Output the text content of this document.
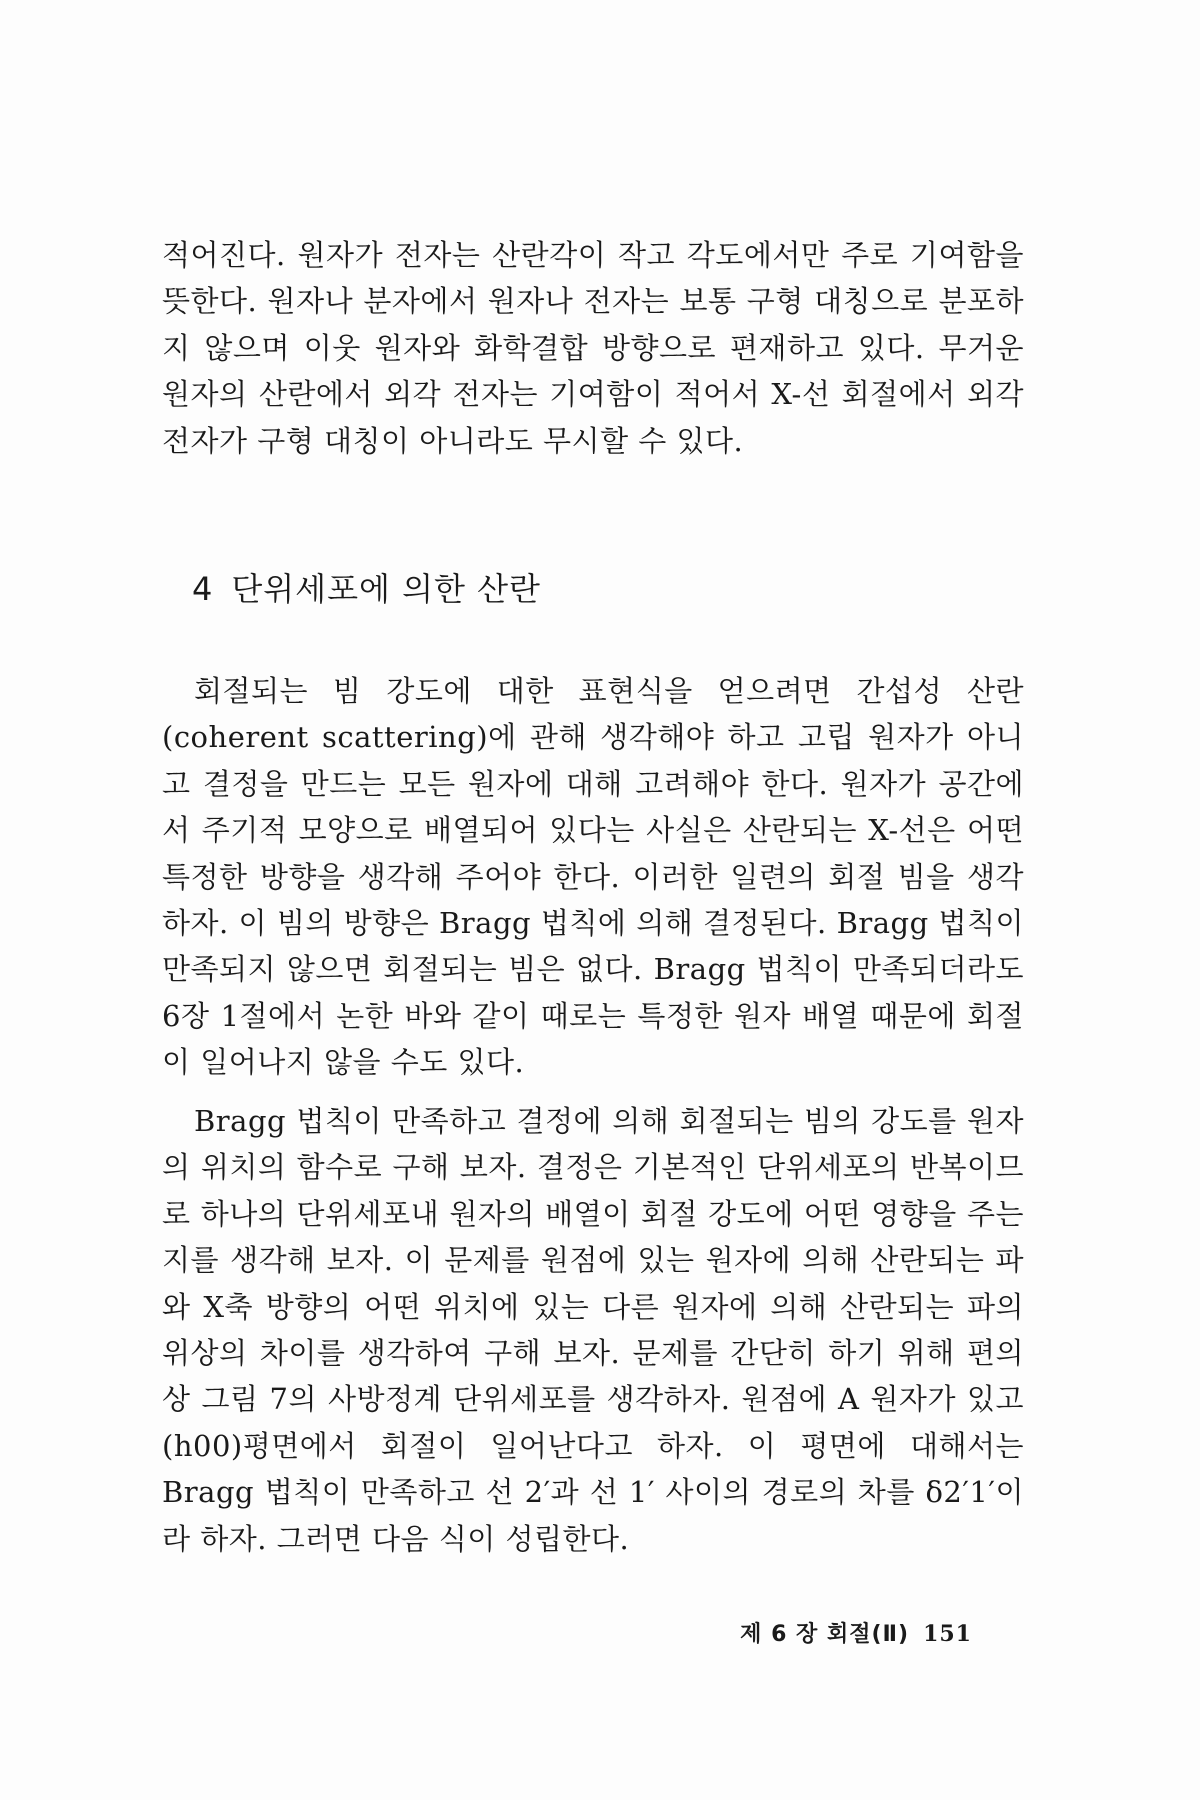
적어진다. 원자가 전자는 산란각이 작고 각도에서만 주로 기여함을 뜻한다. 원자나 분자에서 원자나 전자는 보통 구형 대칭으로 분포하지 않으며 이웃 원자와 화학결합 방향으로 편재하고 있다. 무거운 원자의 산란에서 외각 전자는 기여함이 적어서 X-선 회절에서 외각 전자가 구형 대칭이 아니라도 무시할 수 있다.

4 단위세포에 의한 산란

회절되는 빔 강도에 대한 표현식을 얻으려면 간섭성 산란(coherent scattering)에 관해 생각해야 하고 고립 원자가 아니고 결정을 만드는 모든 원자에 대해 고려해야 한다. 원자가 공간에서 주기적 모양으로 배열되어 있다는 사실은 산란되는 X-선은 어떤 특정한 방향을 생각해 주어야 한다. 이러한 일련의 회절 빔을 생각하자. 이 빔의 방향은 Bragg 법칙에 의해 결정된다. Bragg 법칙이 만족되지 않으면 회절되는 빔은 없다. Bragg 법칙이 만족되더라도 6장 1절에서 논한 바와 같이 때로는 특정한 원자 배열 때문에 회절이 일어나지 않을 수도 있다.

Bragg 법칙이 만족하고 결정에 의해 회절되는 빔의 강도를 원자의 위치의 함수로 구해 보자. 결정은 기본적인 단위세포의 반복이므로 하나의 단위세포내 원자의 배열이 회절 강도에 어떤 영향을 주는지를 생각해 보자. 이 문제를 원점에 있는 원자에 의해 산란되는 파와 X축 방향의 어떤 위치에 있는 다른 원자에 의해 산란되는 파의 위상의 차이를 생각하여 구해 보자. 문제를 간단히 하기 위해 편의상 그림 7의 사방정계 단위세포를 생각하자. 원점에 A 원자가 있고 (h00)평면에서 회절이 일어난다고 하자. 이 평면에 대해서는 Bragg 법칙이 만족하고 선 2′과 선 1′ 사이의 경로의 차를 δ2′1′이라 하자. 그러면 다음 식이 성립한다.

제 6 장 회절(Ⅱ) 151
